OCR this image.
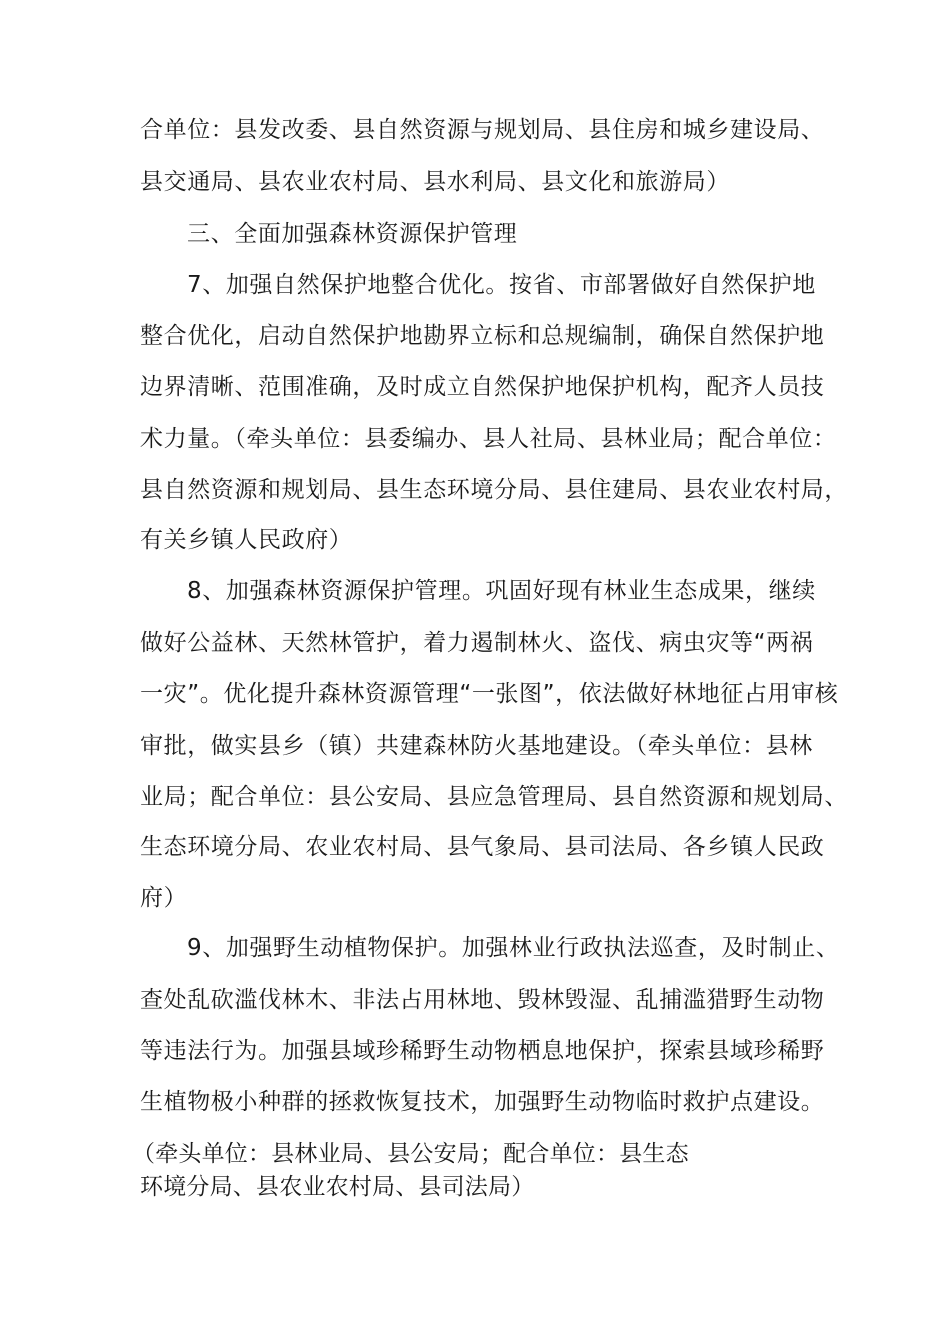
合单位：县发改委、县自然资源与规划局、县住房和城乡建设局、

县交通局、县农业农村局、县水利局、县文化和旅游局）

三、全面加强森林资源保护管理

7、加强自然保护地整合优化。按省、市部署做好自然保护地

整合优化，启动自然保护地勘界立标和总规编制，确保自然保护地

边界清晰、范围准确，及时成立自然保护地保护机构，配齐人员技

术力量。（牵头单位：县委编办、县人社局、县林业局；配合单位：

县自然资源和规划局、县生态环境分局、县住建局、县农业农村局，

有关乡镇人民政府）

8、加强森林资源保护管理。巩固好现有林业生态成果，继续

做好公益林、天然林管护，着力遏制林火、盗伐、病虫灾等“两祸

一灾”。优化提升森林资源管理“一张图”，依法做好林地征占用审核

审批，做实县乡（镇）共建森林防火基地建设。（牵头单位：县林

业局；配合单位：县公安局、县应急管理局、县自然资源和规划局、

生态环境分局、农业农村局、县气象局、县司法局、各乡镇人民政

府）

9、加强野生动植物保护。加强林业行政执法巡查，及时制止、

查处乱砍滥伐林木、非法占用林地、毁林毁湿、乱捕滥猎野生动物

等违法行为。加强县域珍稀野生动物栖息地保护，探索县域珍稀野

生植物极小种群的拯救恢复技术，加强野生动物临时救护点建设。

（牵头单位：县林业局、县公安局；配合单位：县生态

环境分局、县农业农村局、县司法局）
